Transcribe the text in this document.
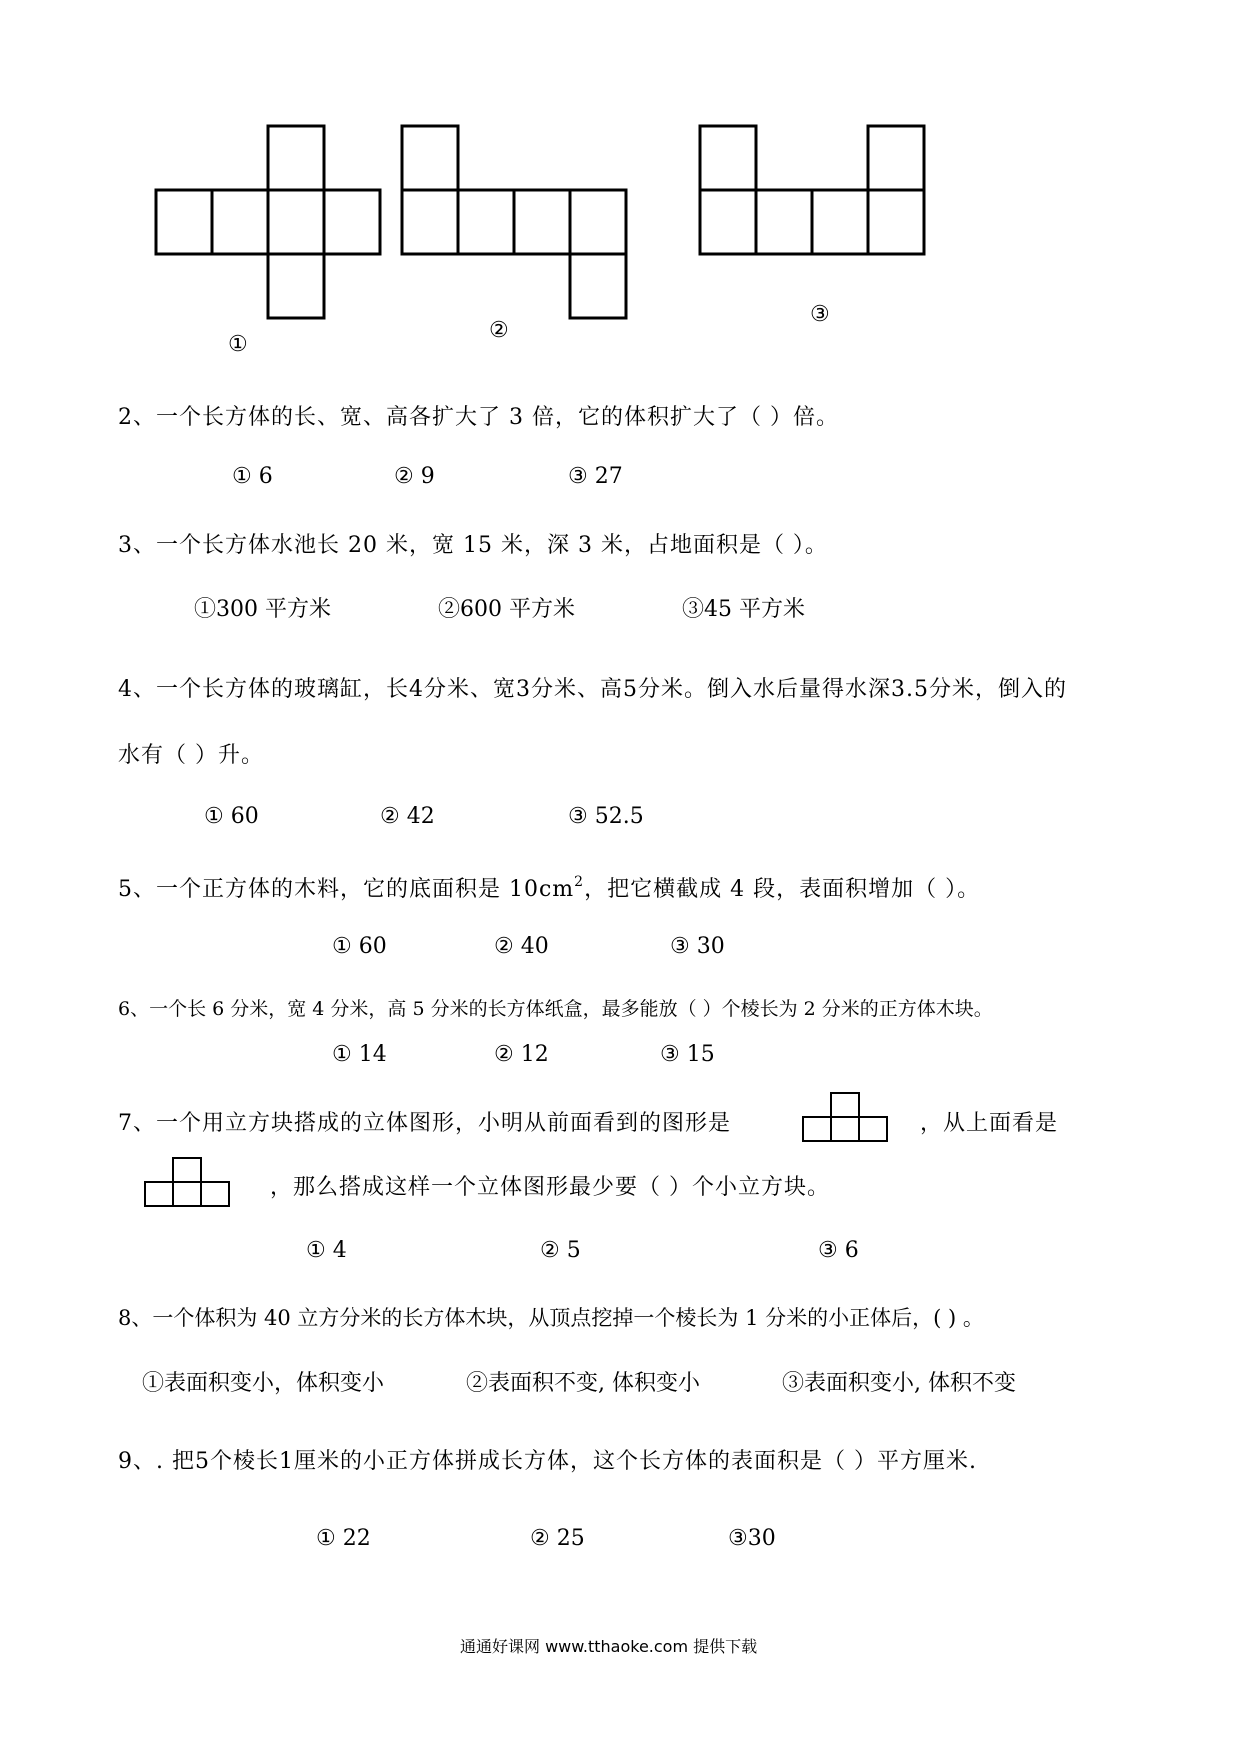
①
②
③
2、一个长方体的长、宽、高各扩大了 3 倍，它的体积扩大了（ ）倍。
① 6	② 9	③ 27
3、一个长方体水池长 20 米，宽 15 米，深 3 米，占地面积是（ ）。
①300 平方米	②600 平方米	③45 平方米
4、一个长方体的玻璃缸，长4分米、宽3分米、高5分米。倒入水后量得水深3.5分米，倒入的
水有（ ）升。
① 60	② 42	③ 52.5
5、一个正方体的木料，它的底面积是 $10cm^2$，把它横截成 4 段，表面积增加（ ）。
① 60	② 40	③ 30
6、一个长 6 分米，宽 4 分米，高 5 分米的长方体纸盒，最多能放（ ）个棱长为 2 分米的正方体木块。
① 14	② 12	③ 15
7、一个用立方块搭成的立体图形，小明从前面看到的图形是	，从上面看是
，那么搭成这样一个立体图形最少要（ ）个小立方块。
① 4	② 5	③ 6
8、一个体积为 40 立方分米的长方体木块，从顶点挖掉一个棱长为 1 分米的小正体后，( ) 。
①表面积变小，体积变小	②表面积不变, 体积变小	③表面积变小, 体积不变
9、. 把5个棱长1厘米的小正方体拼成长方体，这个长方体的表面积是（ ）平方厘米.
① 22	② 25	③30
通通好课网 www.tthaoke.com 提供下载
